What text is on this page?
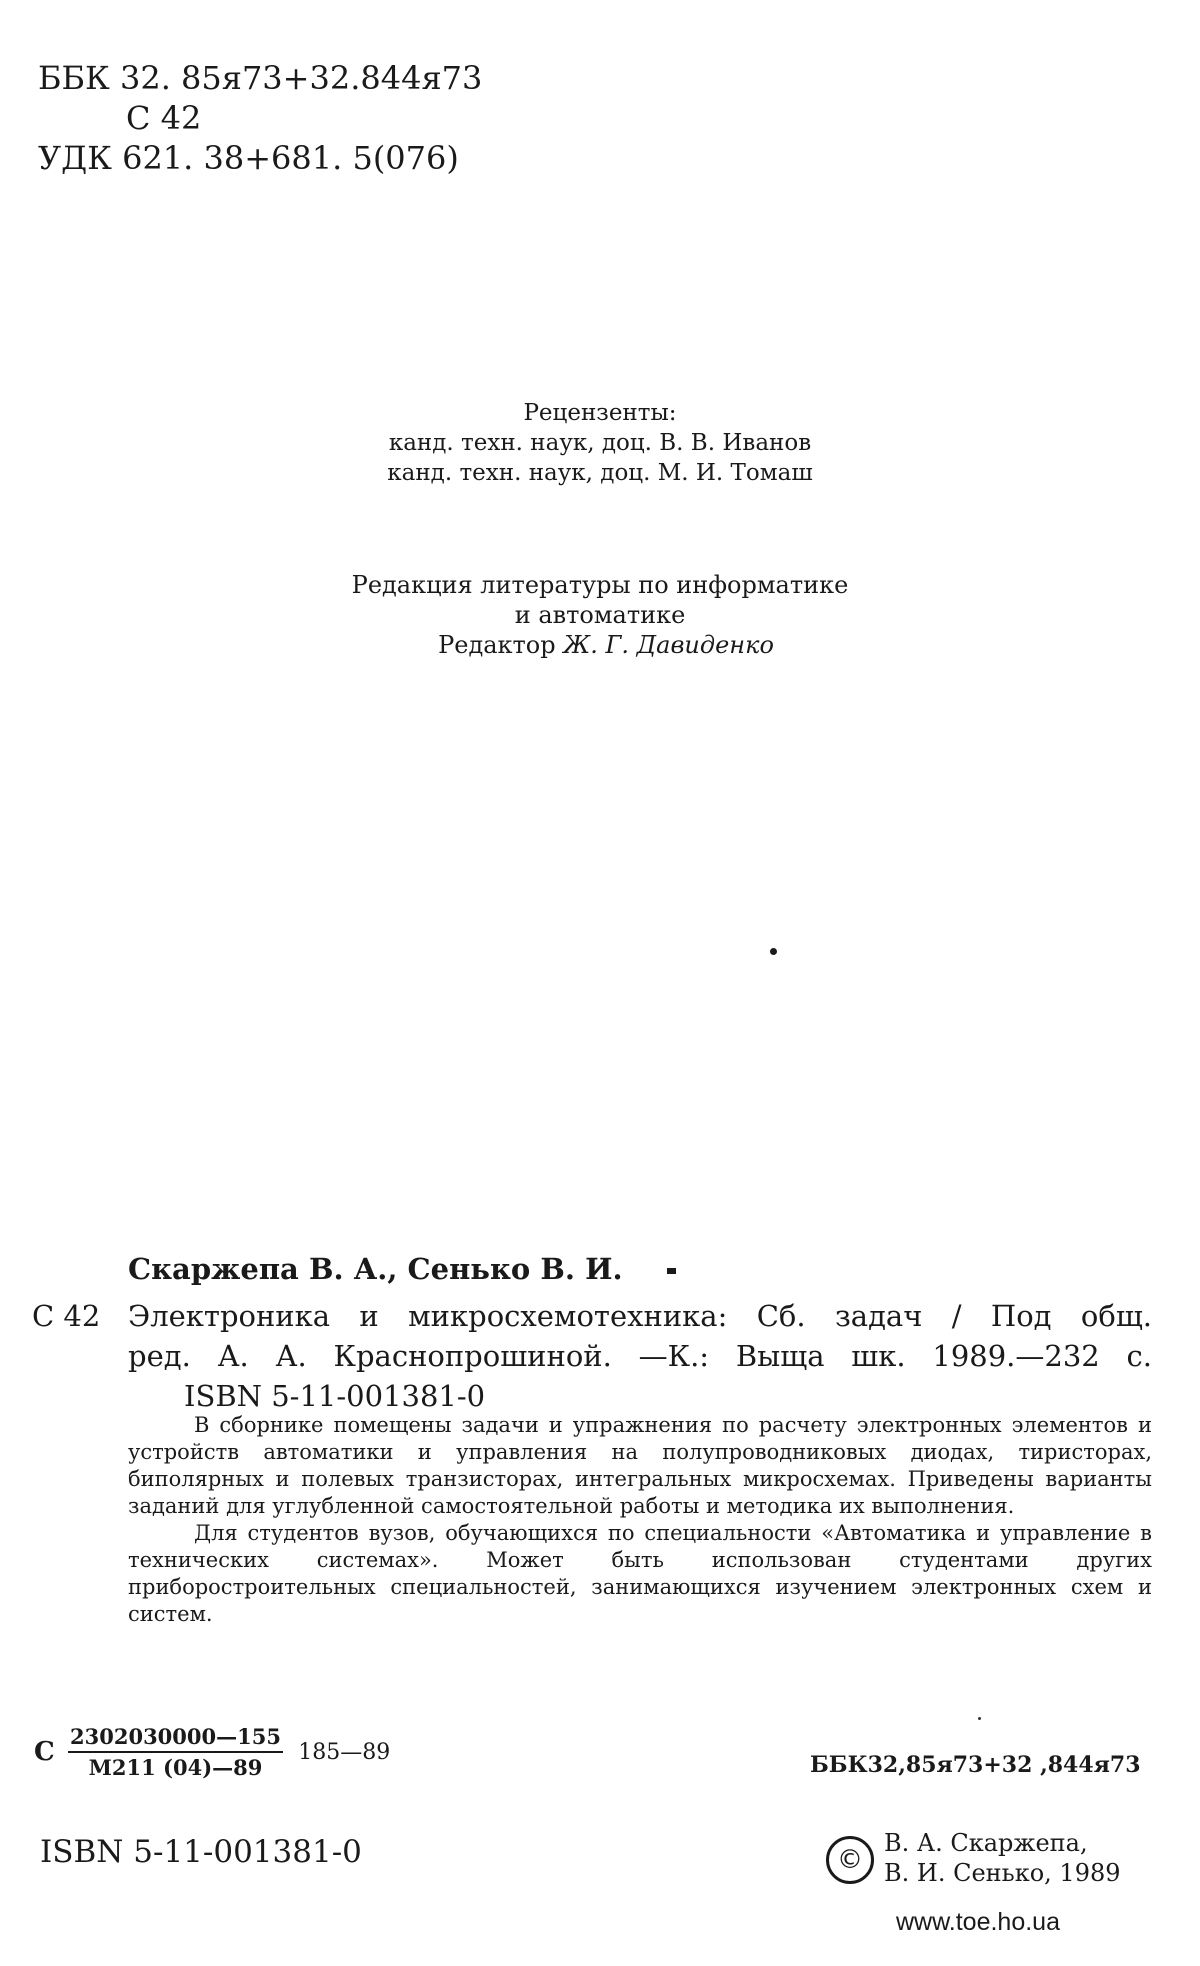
ББК 32. 85я73+32.844я73
С 42
УДК 621. 38+681. 5(076)
Рецензенты:
канд. техн. наук, доц. В. В. Иванов
канд. техн. наук, доц. М. И. Томаш
Редакция литературы по информатике
и автоматике
Редактор Ж. Г. Давиденко
Скаржепа В. А., Сенько В. И.
С 42 Электроника и микросхемотехника: Сб. задач / Под общ.
ред. А. А. Краснопрошиной. —К.: Выща шк. 1989.—232 с.
ISBN 5-11-001381-0

В сборнике помещены задачи и упражнения по расчету электронных элементов и устройств автоматики и управления на полупроводниковых диодах, тиристорах, биполярных и полевых транзисторах, интегральных микросхемах. Приведены варианты заданий для углубленной самостоятельной работы и методика их выполнения.

Для студентов вузов, обучающихся по специальности «Автоматика и управление в технических системах». Может быть использован студентами других приборостроительных специальностей, занимающихся изучением электронных схем и систем.

С $\frac{2302030000—155}{М211 (04)—89}$ 185—89	ББК32,85я73+32 ,844я73
ISBN 5-11-001381-0	©
В. А. Скаржепа,
В. И. Сенько, 1989
www.toe.ho.ua
